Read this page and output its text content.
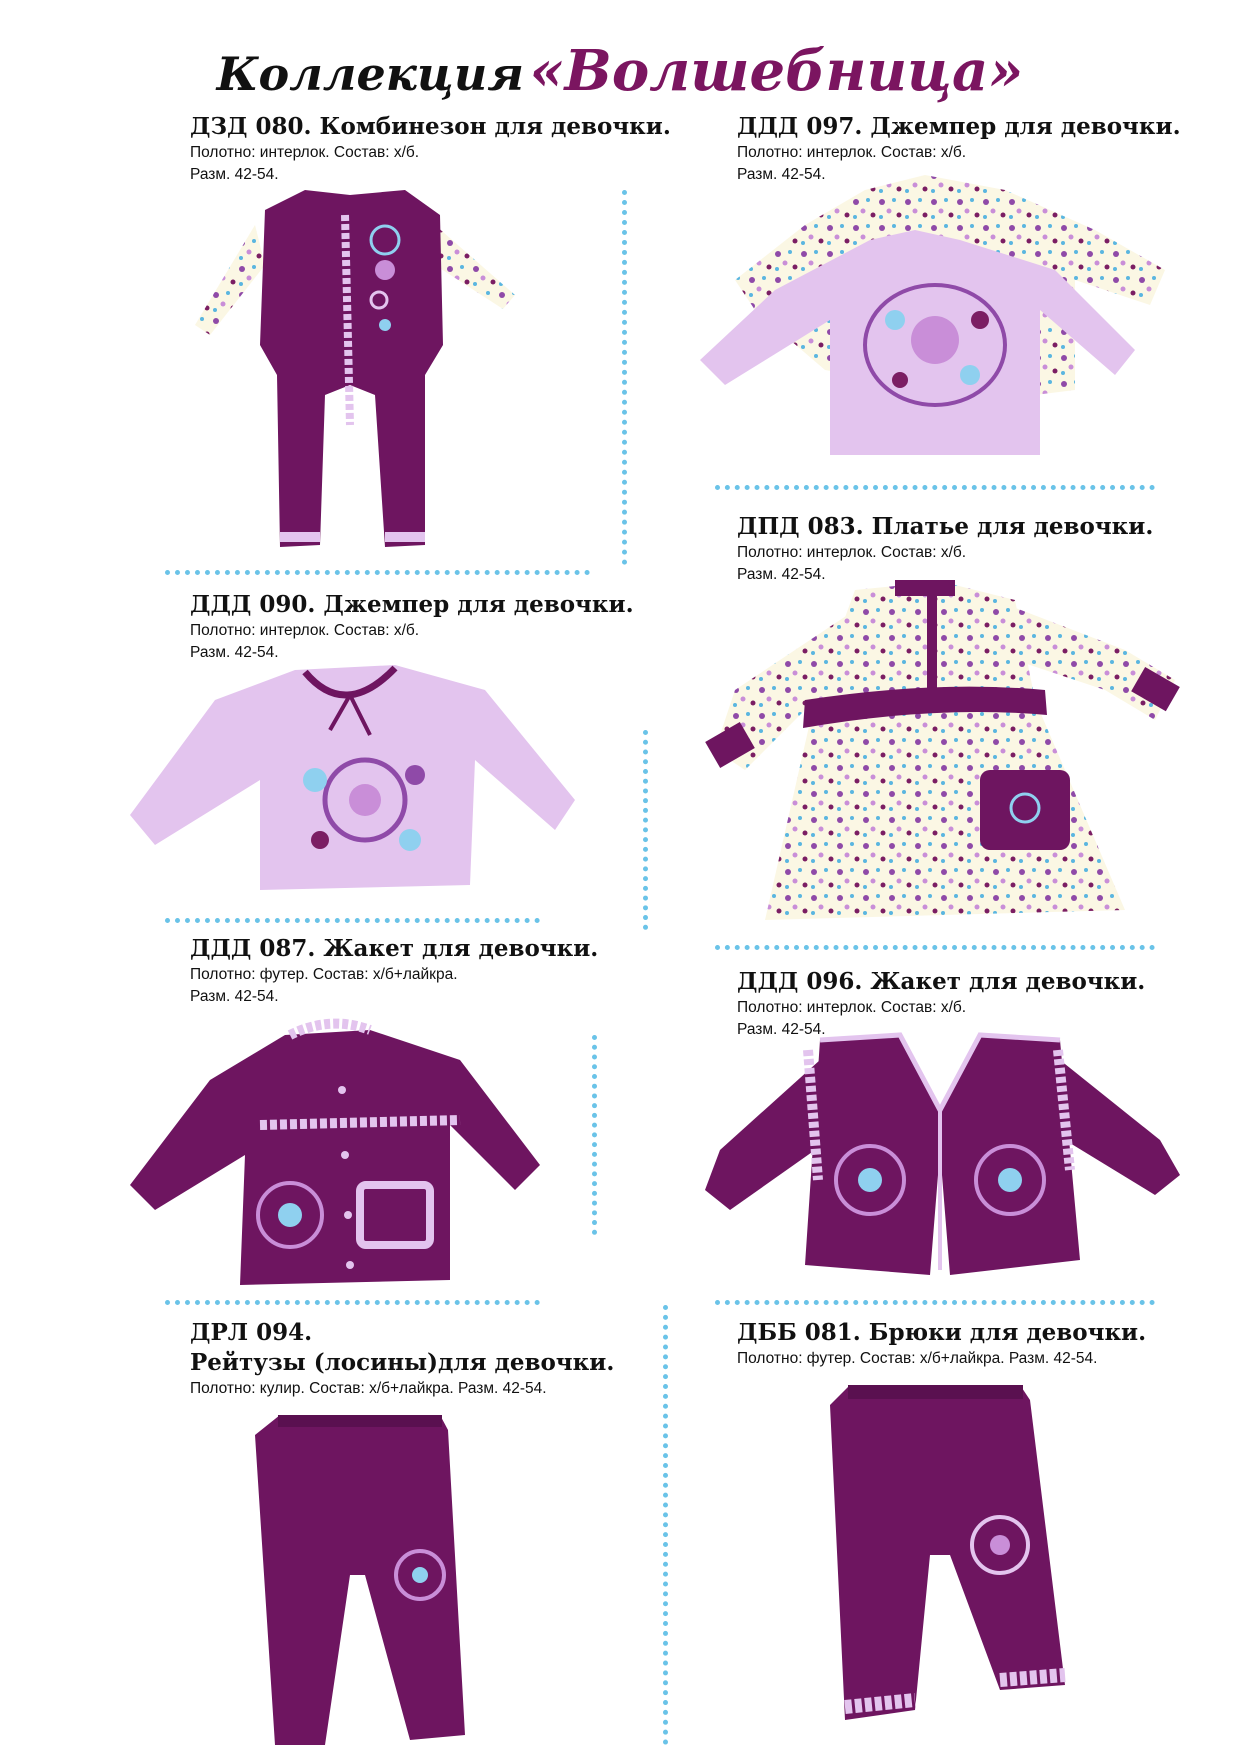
Коллекция «Волшебница»
ДЗД 080. Комбинезон для девочки.
Полотно: интерлок. Состав: х/б.
Разм. 42-54.
ДДД 097. Джемпер для девочки.
Полотно: интерлок. Состав: х/б.
Разм. 42-54.
ДДД 090. Джемпер для девочки.
Полотно: интерлок. Состав: х/б.
Разм. 42-54.
ДПД 083. Платье для девочки.
Полотно: интерлок. Состав: х/б.
Разм. 42-54.
ДДД 087. Жакет для девочки.
Полотно: футер. Состав: х/б+лайкра.
Разм. 42-54.
ДДД 096. Жакет для девочки.
Полотно: интерлок. Состав: х/б.
Разм. 42-54.
ДРЛ 094.
Рейтузы (лосины)для девочки.
Полотно: кулир. Состав: х/б+лайкра. Разм. 42-54.
ДББ 081. Брюки для девочки.
Полотно: футер. Состав: х/б+лайкра. Разм. 42-54.
